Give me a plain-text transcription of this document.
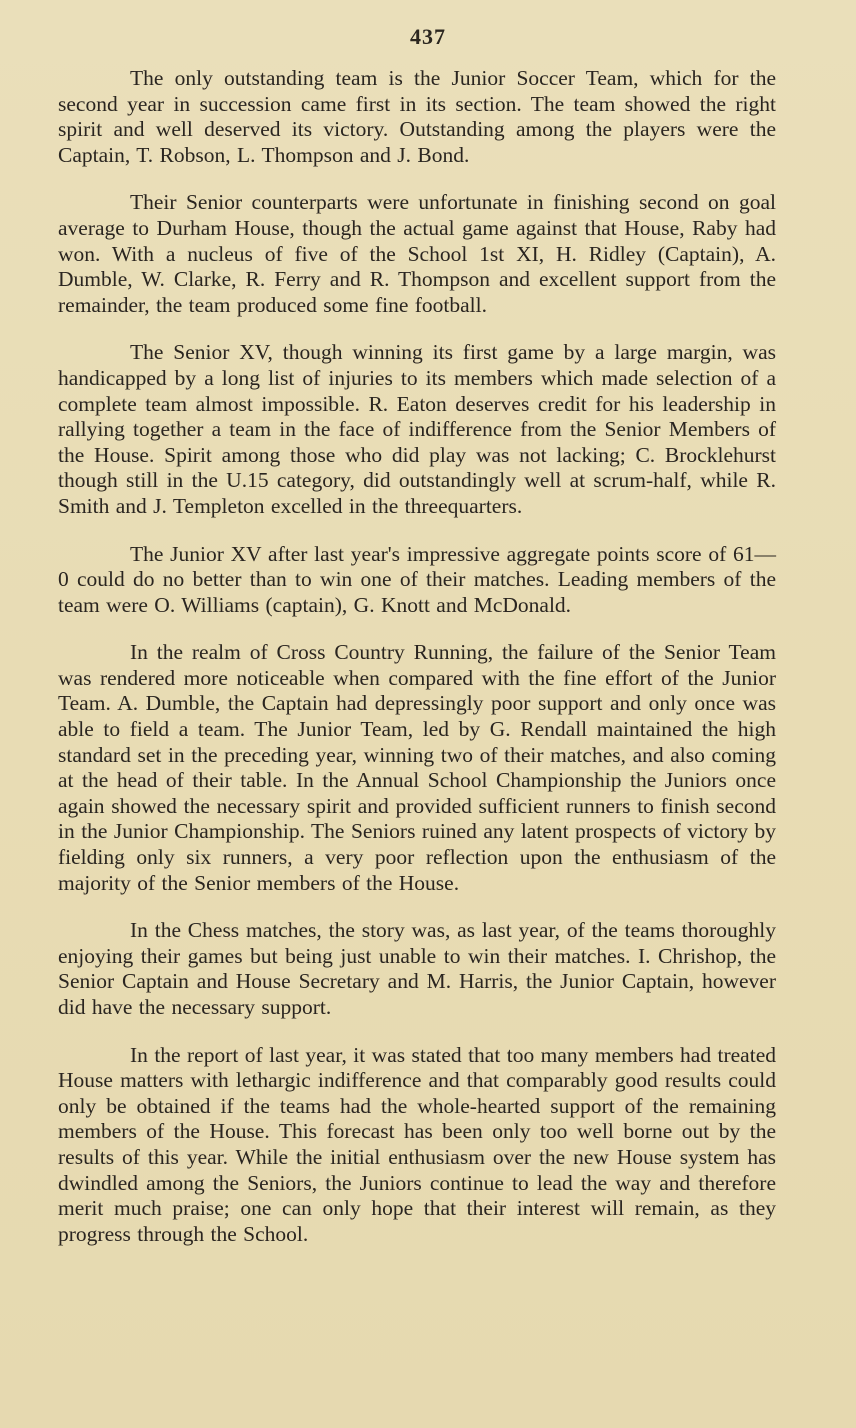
437

The only outstanding team is the Junior Soccer Team, which for the second year in succession came first in its section. The team showed the right spirit and well deserved its victory. Outstanding among the players were the Captain, T. Robson, L. Thompson and J. Bond.

Their Senior counterparts were unfortunate in finishing second on goal average to Durham House, though the actual game against that House, Raby had won. With a nucleus of five of the School 1st XI, H. Ridley (Captain), A. Dumble, W. Clarke, R. Ferry and R. Thompson and excellent support from the remainder, the team produced some fine football.

The Senior XV, though winning its first game by a large margin, was handicapped by a long list of injuries to its members which made selection of a complete team almost impossible. R. Eaton deserves credit for his leadership in rallying together a team in the face of indifference from the Senior Members of the House. Spirit among those who did play was not lacking; C. Brocklehurst though still in the U.15 category, did outstandingly well at scrum-half, while R. Smith and J. Templeton excelled in the threequarters.

The Junior XV after last year's impressive aggregate points score of 61—0 could do no better than to win one of their matches. Leading members of the team were O. Williams (captain), G. Knott and McDonald.

In the realm of Cross Country Running, the failure of the Senior Team was rendered more noticeable when compared with the fine effort of the Junior Team. A. Dumble, the Captain had depressingly poor support and only once was able to field a team. The Junior Team, led by G. Rendall maintained the high standard set in the preceding year, winning two of their matches, and also coming at the head of their table. In the Annual School Championship the Juniors once again showed the necessary spirit and provided sufficient runners to finish second in the Junior Championship. The Seniors ruined any latent prospects of victory by fielding only six runners, a very poor reflection upon the enthusiasm of the majority of the Senior members of the House.

In the Chess matches, the story was, as last year, of the teams thoroughly enjoying their games but being just unable to win their matches. I. Chrishop, the Senior Captain and House Secretary and M. Harris, the Junior Captain, however did have the necessary support.

In the report of last year, it was stated that too many members had treated House matters with lethargic indifference and that comparably good results could only be obtained if the teams had the whole-hearted support of the remaining members of the House. This forecast has been only too well borne out by the results of this year. While the initial enthusiasm over the new House system has dwindled among the Seniors, the Juniors continue to lead the way and therefore merit much praise; one can only hope that their interest will remain, as they progress through the School.
